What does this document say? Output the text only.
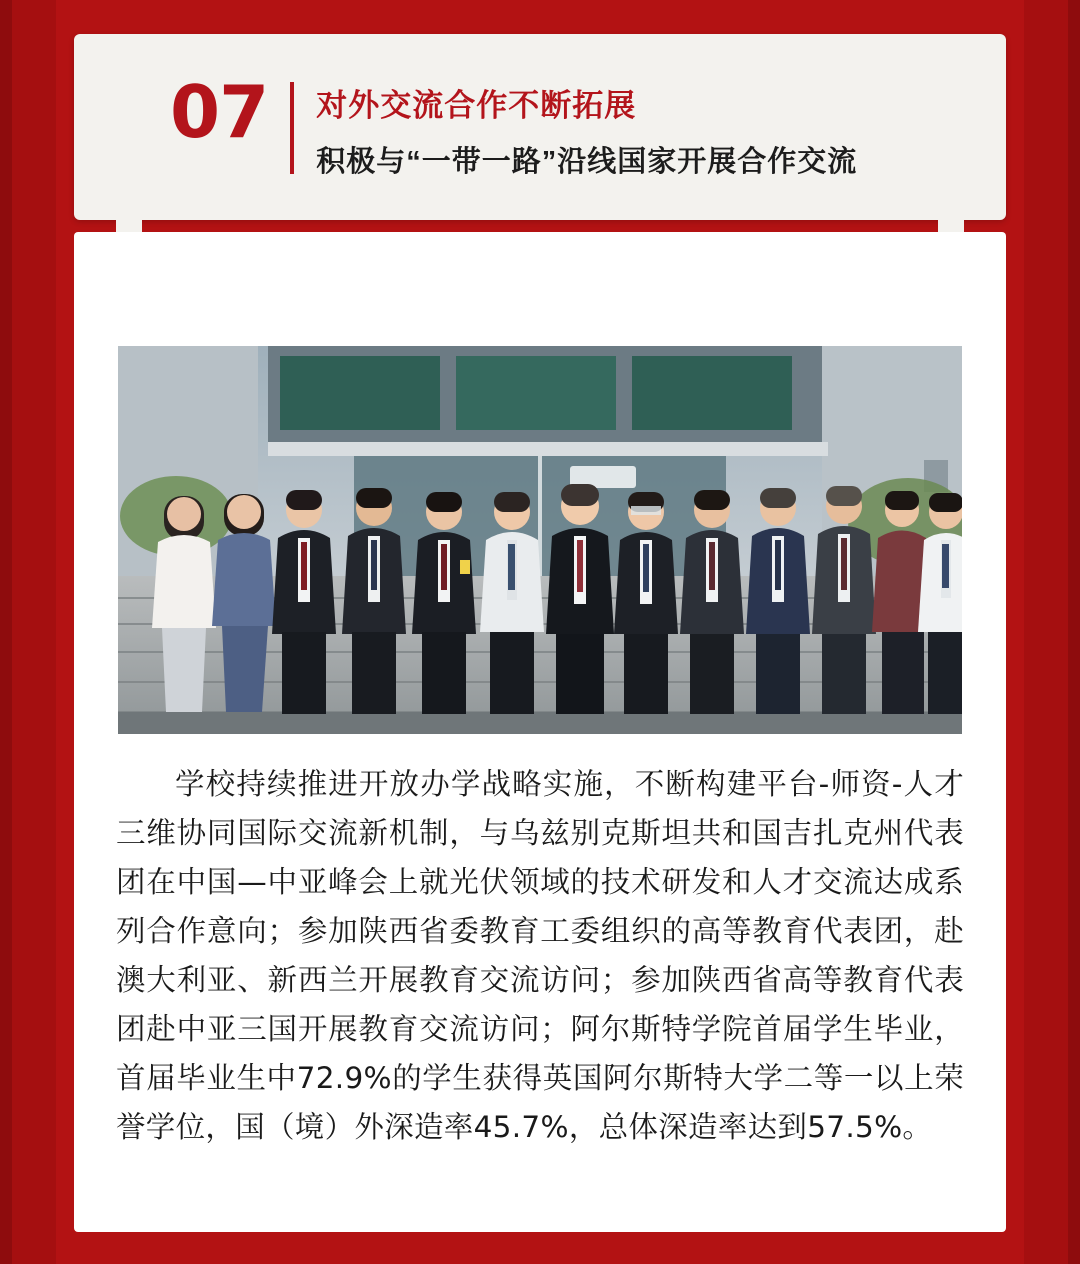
07 对外交流合作不断拓展
积极与“一带一路”沿线国家开展合作交流
学校持续推进开放办学战略实施，不断构建平台-师资-人才三维协同国际交流新机制，与乌兹别克斯坦共和国吉扎克州代表团在中国—中亚峰会上就光伏领域的技术研发和人才交流达成系列合作意向；参加陕西省委教育工委组织的高等教育代表团，赴澳大利亚、新西兰开展教育交流访问；参加陕西省高等教育代表团赴中亚三国开展教育交流访问；阿尔斯特学院首届学生毕业，首届毕业生中72.9%的学生获得英国阿尔斯特大学二等一以上荣誉学位，国（境）外深造率45.7%，总体深造率达到57.5%。
